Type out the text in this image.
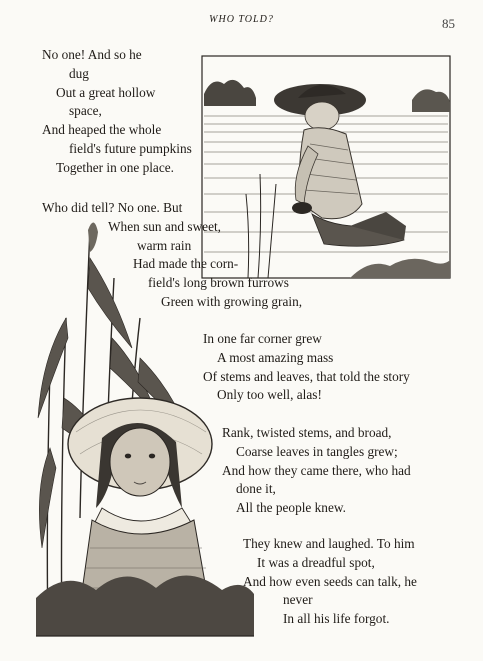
WHO TOLD?	85
No one! And so he
dug
Out a great hollow
space,
And heaped the whole
field's future pumpkins
Together in one place.
Who did tell? No one. But
When sun and sweet,
warm rain
Had made the corn-
field's long brown furrows
Green with growing grain,
In one far corner grew
A most amazing mass
Of stems and leaves, that told the story
Only too well, alas!
Rank, twisted stems, and broad,
Coarse leaves in tangles grew;
And how they came there, who had
done it,
All the people knew.
They knew and laughed. To him
It was a dreadful spot,
And how even seeds can talk, he
never
In all his life forgot.
